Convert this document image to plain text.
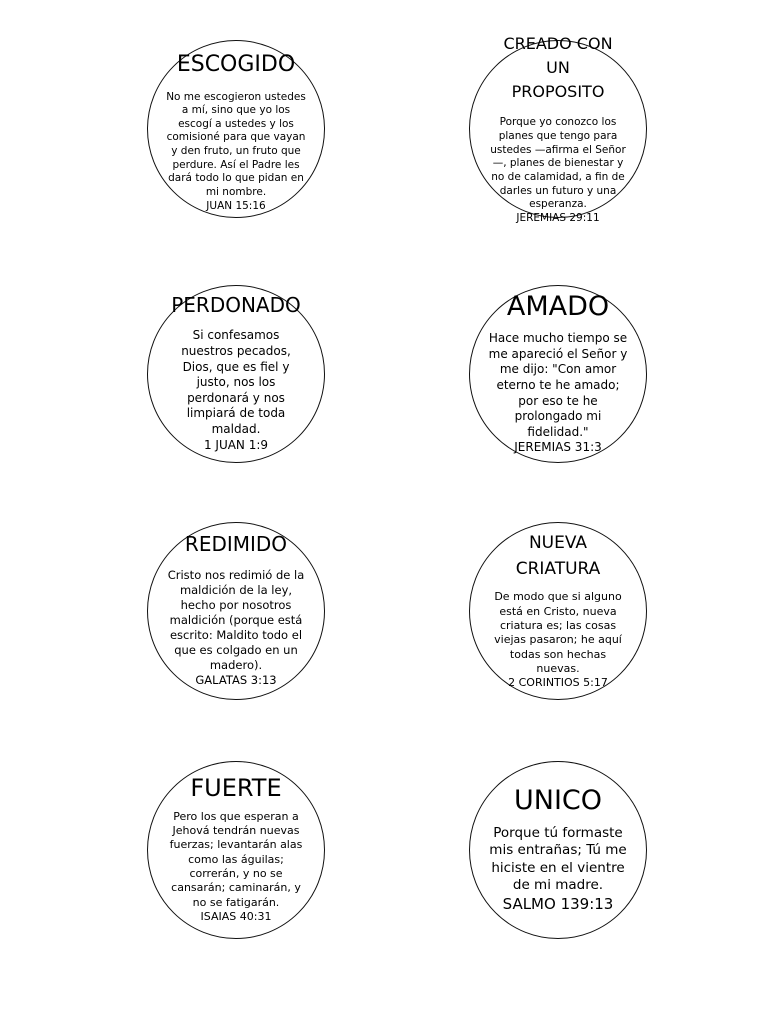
ESCOGIDO
No me escogieron ustedes a mí, sino que yo los escogí a ustedes y los comisioné para que vayan y den fruto, un fruto que perdure. Así el Padre les dará todo lo que pidan en mi nombre.
JUAN 15:16
CREADO CON UN PROPOSITO
Porque yo conozco los planes que tengo para ustedes —afirma el Señor—, planes de bienestar y no de calamidad, a fin de darles un futuro y una esperanza.
JEREMIAS 29:11
PERDONADO
Si confesamos nuestros pecados, Dios, que es fiel y justo, nos los perdonará y nos limpiará de toda maldad.
1 JUAN 1:9
AMADO
Hace mucho tiempo se me apareció el Señor y me dijo: "Con amor eterno te he amado; por eso te he prolongado mi fidelidad."
JEREMIAS 31:3
REDIMIDO
Cristo nos redimió de la maldición de la ley, hecho por nosotros maldición (porque está escrito: Maldito todo el que es colgado en un madero).
GALATAS 3:13
NUEVA CRIATURA
De modo que si alguno está en Cristo, nueva criatura es; las cosas viejas pasaron; he aquí todas son hechas nuevas.
2 CORINTIOS 5:17
FUERTE
Pero los que esperan a Jehová tendrán nuevas fuerzas; levantarán alas como las águilas; correrán, y no se cansarán; caminarán, y no se fatigarán.
ISAIAS 40:31
UNICO
Porque tú formaste mis entrañas; Tú me hiciste en el vientre de mi madre.
SALMO 139:13
